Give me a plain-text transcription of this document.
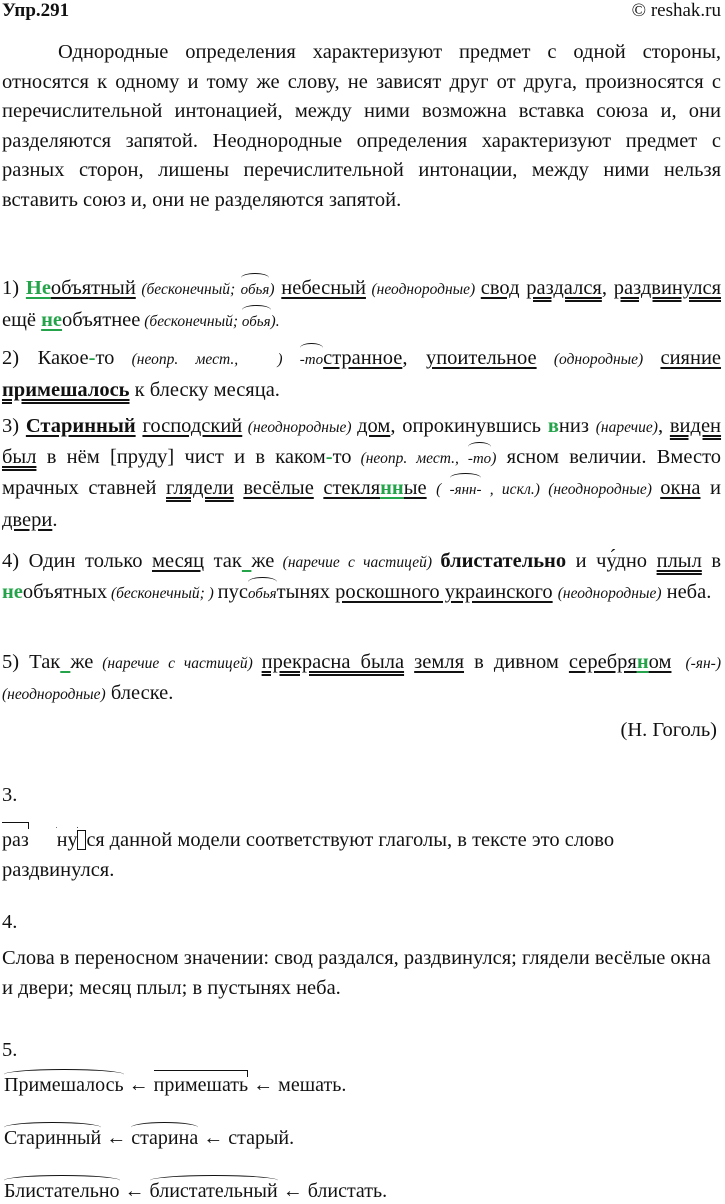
Упр.291	© reshak.ru
Однородные определения характеризуют предмет с одной стороны, относятся к одному и тому же слову, не зависят друг от друга, произносятся с перечислительной интонацией, между ними возможна вставка союза и, они разделяются запятой. Неоднородные определения характеризуют предмет с разных сторон, лишены перечислительной интонации, между ними нельзя вставить союз и, они не разделяются запятой.
1) Необъятный (бесконечный; обья) небесный (неоднородные) свод раздался, раздвинулся ещё необъятнее (бесконечный; обья).
2) Какое-то (неопр. мест., ) -тостранное, упоительное (однородные) сияние примешалось к блеску месяца.
3) Старинный господский (неоднородные) дом, опрокинувшись вниз (наречие), виден был в нём [пруду] чист и в каком-то (неопр. мест., -то) ясном величии. Вместо мрачных ставней глядели весёлые стеклянные ( -янн- , искл.) (неоднородные) окна и двери.
4) Один только месяц так же (наречие с частицей) блистательно и чу́дно плыл в необъятных (бесконечный; ) пусобьятынях роскошного украинского (неоднородные) неба.
5) Так же (наречие с частицей) прекрасна была земля в дивном серебряном (-ян-)(неоднородные) блеске.
(Н. Гоголь)
3.
раз ну ся данной модели соответствуют глаголы, в тексте это слово раздвинулся.
4.
Слова в переносном значении: свод раздался, раздвинулся; глядели весёлые окна и двери; месяц плыл; в пустынях неба.
5.
Примешалось ← примешать ← мешать.
Старинный ← старина ← старый.
Блистательно ← блистательный ← блистать.
